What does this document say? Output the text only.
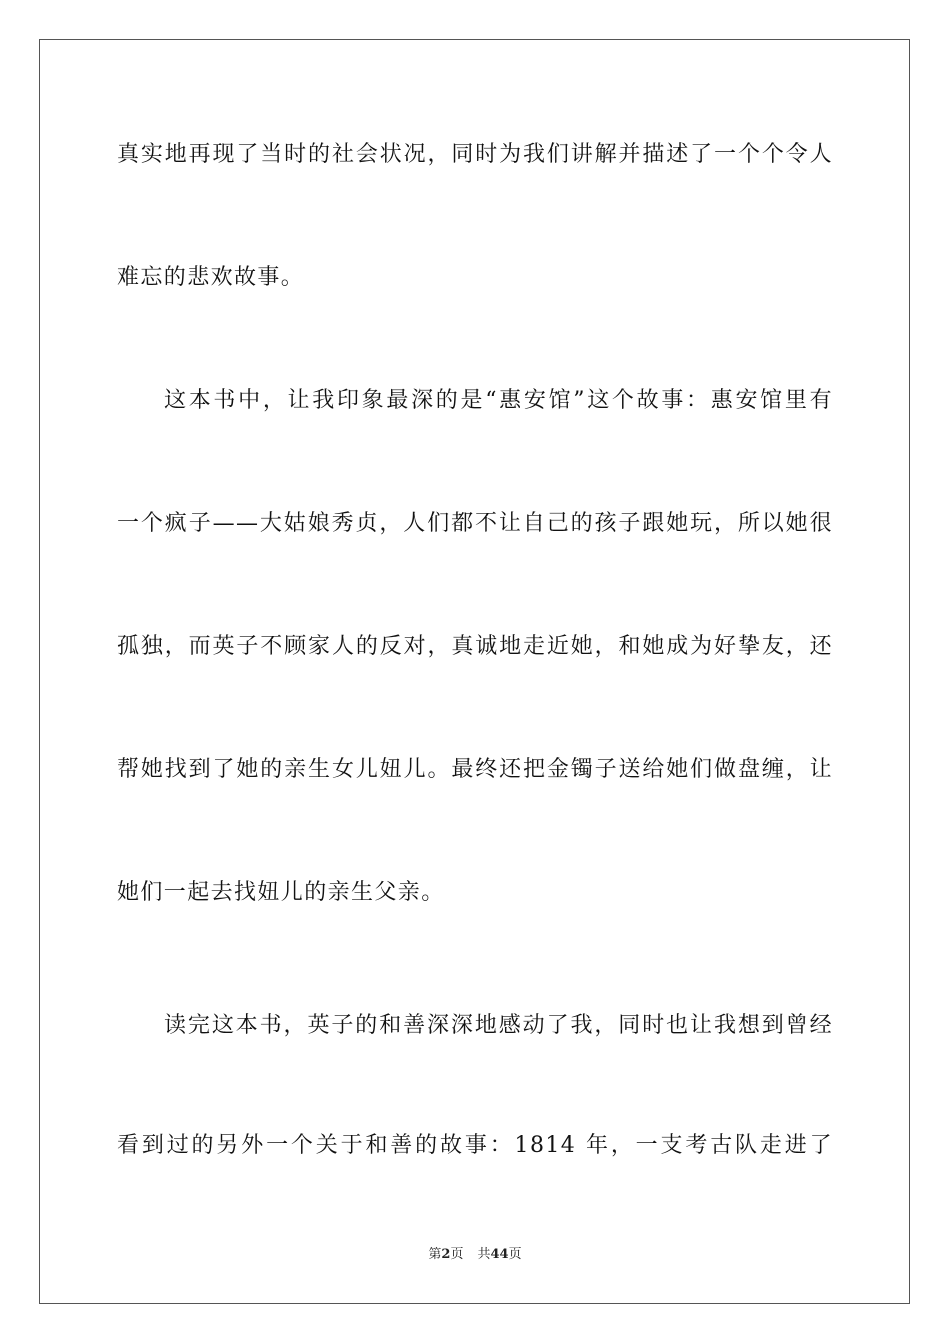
真实地再现了当时的社会状况，同时为我们讲解并描述了一个个令人
难忘的悲欢故事。
这本书中，让我印象最深的是“惠安馆”这个故事：惠安馆里有
一个疯子——大姑娘秀贞，人们都不让自己的孩子跟她玩，所以她很
孤独，而英子不顾家人的反对，真诚地走近她，和她成为好挚友，还
帮她找到了她的亲生女儿妞儿。最终还把金镯子送给她们做盘缠，让
她们一起去找妞儿的亲生父亲。
读完这本书，英子的和善深深地感动了我，同时也让我想到曾经
看到过的另外一个关于和善的故事：1814 年，一支考古队走进了
第2页 共44页
